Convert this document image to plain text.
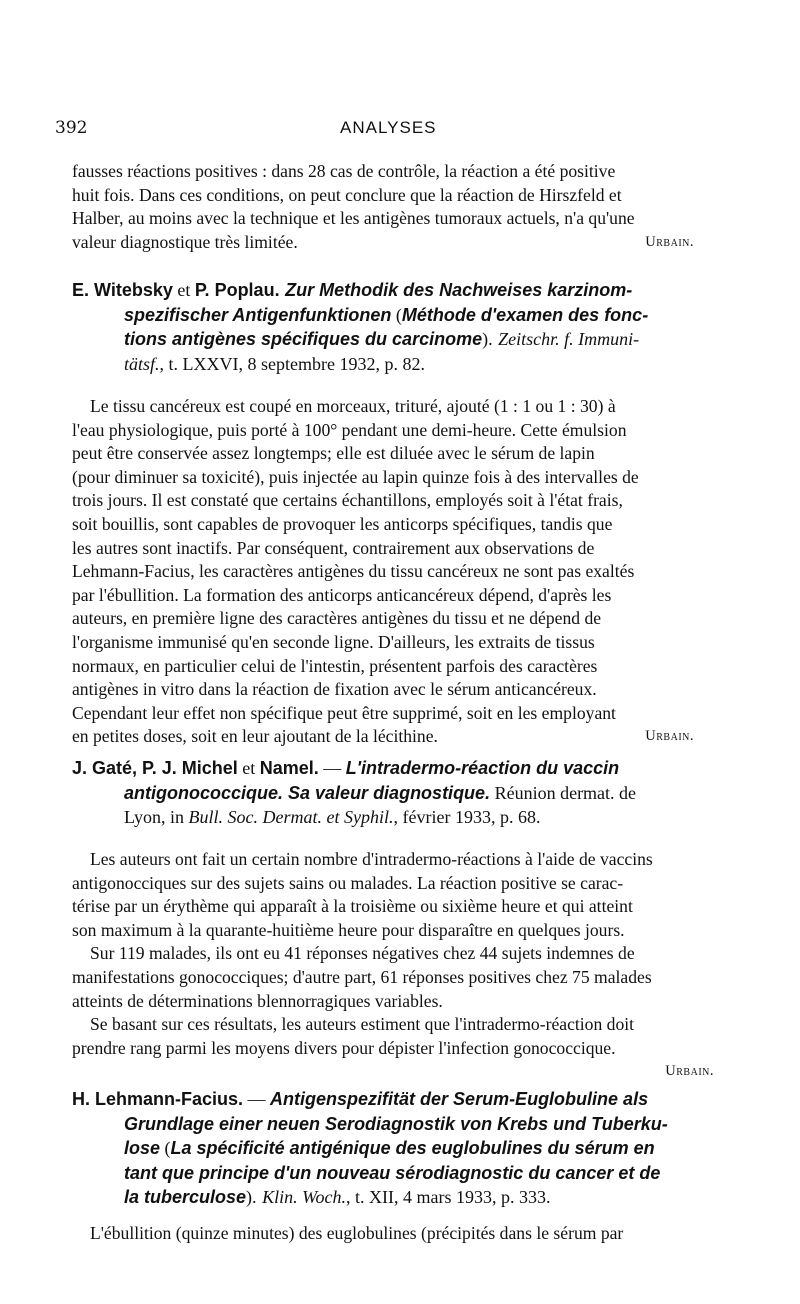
392	ANALYSES

fausses réactions positives : dans 28 cas de contrôle, la réaction a été positive

huit fois. Dans ces conditions, on peut conclure que la réaction de Hirszfeld et

Halber, au moins avec la technique et les antigènes tumoraux actuels, n'a qu'une

valeur diagnostique très limitée.	Urbain.

E. Witebsky et P. Poplau. Zur Methodik des Nachweises karzinom-
spezifischer Antigenfunktionen (Méthode d'examen des fonc-
tions antigènes spécifiques du carcinome). Zeitschr. f. Immuni-
tätsf., t. LXXVI, 8 septembre 1932, p. 82.

Le tissu cancéreux est coupé en morceaux, trituré, ajouté (1 : 1 ou 1 : 30) à

l'eau physiologique, puis porté à 100° pendant une demi-heure. Cette émulsion

peut être conservée assez longtemps; elle est diluée avec le sérum de lapin

(pour diminuer sa toxicité), puis injectée au lapin quinze fois à des intervalles de

trois jours. Il est constaté que certains échantillons, employés soit à l'état frais,

soit bouillis, sont capables de provoquer les anticorps spécifiques, tandis que

les autres sont inactifs. Par conséquent, contrairement aux observations de

Lehmann-Facius, les caractères antigènes du tissu cancéreux ne sont pas exaltés

par l'ébullition. La formation des anticorps anticancéreux dépend, d'après les

auteurs, en première ligne des caractères antigènes du tissu et ne dépend de

l'organisme immunisé qu'en seconde ligne. D'ailleurs, les extraits de tissus

normaux, en particulier celui de l'intestin, présentent parfois des caractères

antigènes in vitro dans la réaction de fixation avec le sérum anticancéreux.

Cependant leur effet non spécifique peut être supprimé, soit en les employant

en petites doses, soit en leur ajoutant de la lécithine.	Urbain.

J. Gaté, P. J. Michel et Namel. — L'intradermo-réaction du vaccin
antigonococcique. Sa valeur diagnostique. Réunion dermat. de
Lyon, in Bull. Soc. Dermat. et Syphil., février 1933, p. 68.

Les auteurs ont fait un certain nombre d'intradermo-réactions à l'aide de vaccins

antigonocciques sur des sujets sains ou malades. La réaction positive se carac-

térise par un érythème qui apparaît à la troisième ou sixième heure et qui atteint

son maximum à la quarante-huitième heure pour disparaître en quelques jours.

Sur 119 malades, ils ont eu 41 réponses négatives chez 44 sujets indemnes de

manifestations gonococciques; d'autre part, 61 réponses positives chez 75 malades

atteints de déterminations blennorragiques variables.

Se basant sur ces résultats, les auteurs estiment que l'intradermo-réaction doit

prendre rang parmi les moyens divers pour dépister l'infection gonococcique.

Urbain.

H. Lehmann-Facius. — Antigenspezifität der Serum-Euglobuline als
Grundlage einer neuen Serodiagnostik von Krebs und Tuberku-
lose (La spécificité antigénique des euglobulines du sérum en
tant que principe d'un nouveau sérodiagnostic du cancer et de
la tuberculose). Klin. Woch., t. XII, 4 mars 1933, p. 333.

L'ébullition (quinze minutes) des euglobulines (précipités dans le sérum par
